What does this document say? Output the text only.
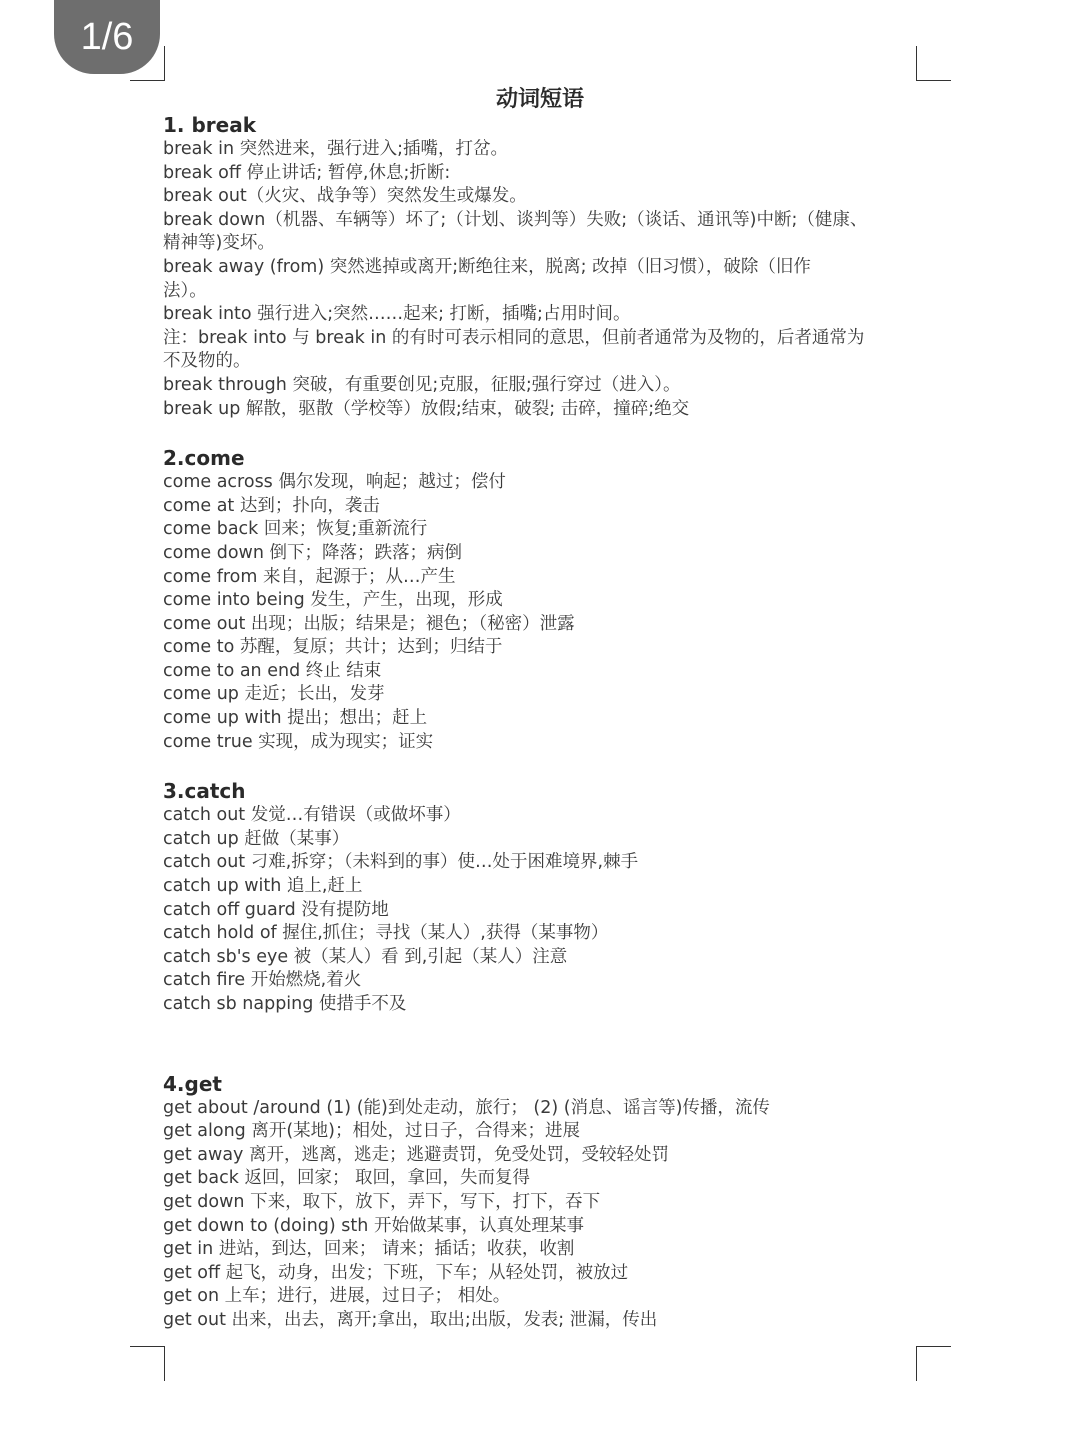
1/6
动词短语
1. break
break in 突然进来，强行进入;插嘴，打岔。
break off 停止讲话; 暂停,休息;折断:
break out（火灾、战争等）突然发生或爆发。
break down（机器、车辆等）坏了;（计划、谈判等）失败;（谈话、通讯等)中断;（健康、
精神等)变坏。
break away (from) 突然逃掉或离开;断绝往来，脱离; 改掉（旧习惯），破除（旧作
法）。
break into 强行进入;突然……起来; 打断，插嘴;占用时间。
注：break into 与 break in 的有时可表示相同的意思，但前者通常为及物的，后者通常为
不及物的。
break through 突破，有重要创见;克服，征服;强行穿过（进入）。
break up 解散，驱散（学校等）放假;结束，破裂; 击碎，撞碎;绝交
2.come
come across 偶尔发现，响起；越过；偿付
come at 达到；扑向，袭击
come back 回来；恢复;重新流行
come down 倒下；降落；跌落；病倒
come from 来自，起源于；从…产生
come into being 发生，产生，出现，形成
come out 出现；出版；结果是；褪色；（秘密）泄露
come to 苏醒，复原；共计；达到；归结于
come to an end 终止 结束
come up 走近；长出，发芽
come up with 提出；想出；赶上
come true 实现，成为现实；证实
3.catch
catch out 发觉…有错误（或做坏事）
catch up 赶做（某事）
catch out 刁难,拆穿；（未料到的事）使…处于困难境界,棘手
catch up with 追上,赶上
catch off guard 没有提防地
catch hold of 握住,抓住；寻找（某人）,获得（某事物）
catch sb's eye 被（某人）看 到,引起（某人）注意
catch fire 开始燃烧,着火
catch sb napping 使措手不及
4.get
get about /around (1) (能)到处走动，旅行； (2) (消息、谣言等)传播，流传
get along 离开(某地)；相处，过日子，合得来；进展
get away 离开，逃离，逃走；逃避责罚，免受处罚，受较轻处罚
get back 返回，回家； 取回，拿回，失而复得
get down 下来，取下，放下，弄下，写下，打下，吞下
get down to (doing) sth 开始做某事，认真处理某事
get in 进站，到达，回来； 请来；插话；收获，收割
get off 起飞，动身，出发；下班，下车；从轻处罚，被放过
get on 上车；进行，进展，过日子； 相处。
get out 出来，出去，离开;拿出，取出;出版，发表; 泄漏，传出
